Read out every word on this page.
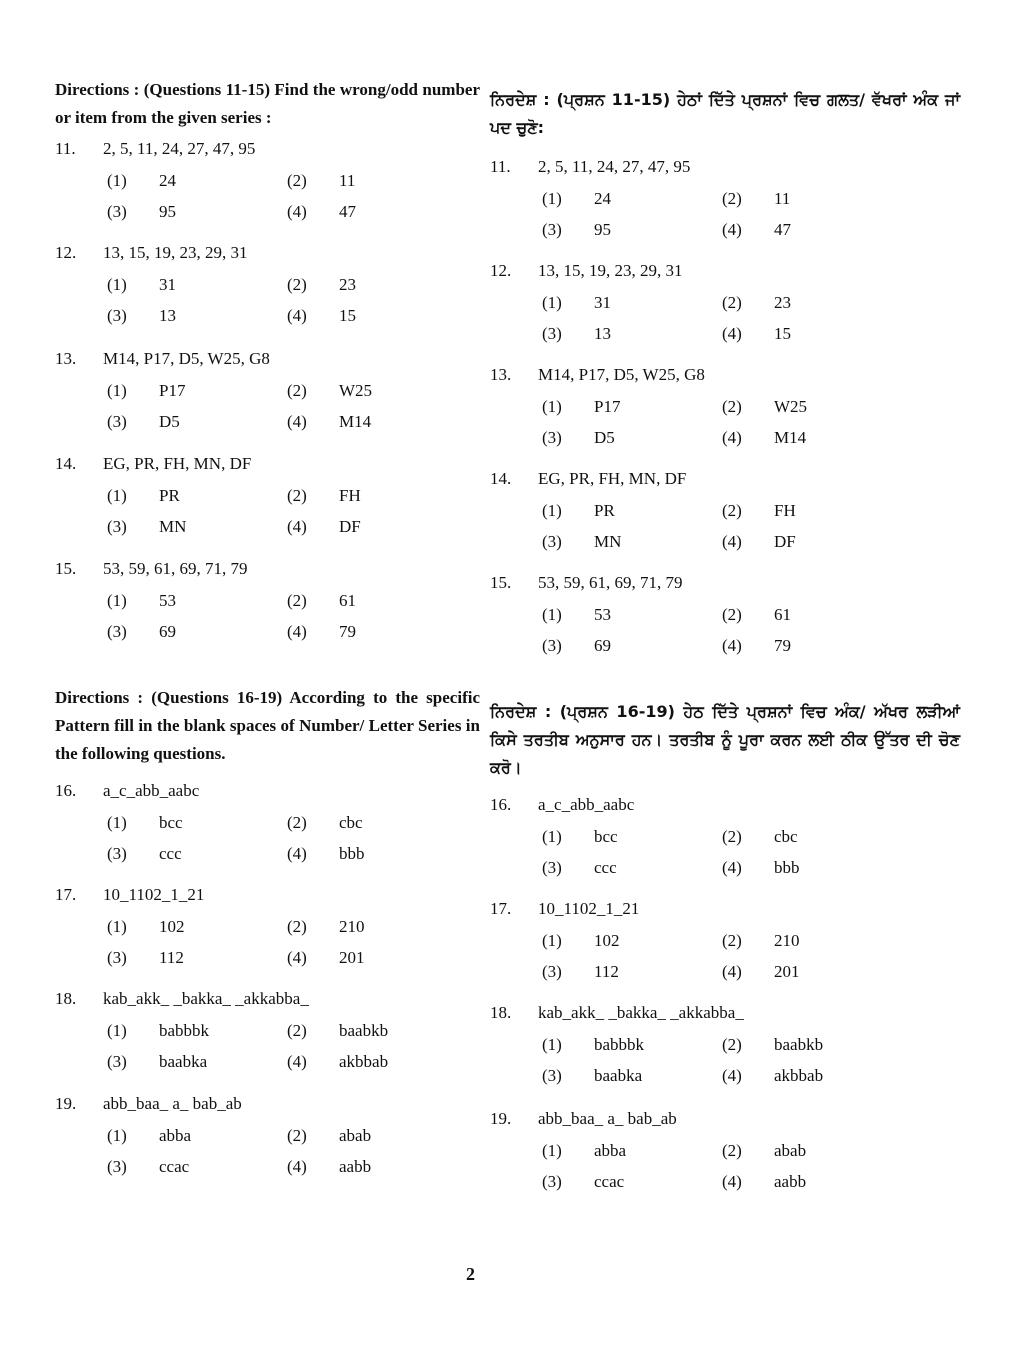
Directions : (Questions 11-15) Find the wrong/odd number or item from the given series :

Directions : (Questions 16-19) According to the specific Pattern fill in the blank spaces of Number/ Letter Series in the following questions.

11.	2, 5, 11, 24, 27, 47, 95
(1)	24	(2)	11
(3)	95	(4)	47
12.	13, 15, 19, 23, 29, 31
(1)	31	(2)	23
(3)	13	(4)	15
13.	M14, P17, D5, W25, G8
(1)	P17	(2)	W25
(3)	D5	(4)	M14
14.	EG, PR, FH, MN, DF
(1)	PR	(2)	FH
(3)	MN	(4)	DF
15.	53, 59, 61, 69, 71, 79
(1)	53	(2)	61
(3)	69	(4)	79
16.	a_c_abb_aabc
(1)	bcc	(2)	cbc
(3)	ccc	(4)	bbb
17.	10_1102_1_21
(1)	102	(2)	210
(3)	112	(4)	201
18.	kab_akk_ _bakka_ _akkabba_
(1)	babbbk	(2)	baabkb
(3)	baabka	(4)	akbbab
19.	abb_baa_ a_ bab_ab
(1)	abba	(2)	abab
(3)	ccac	(4)	aabb

ਨਿਰਦੇਸ਼ : (ਪ੍ਰਸ਼ਨ 11-15) ਹੇਠਾਂ ਦਿੱਤੇ ਪ੍ਰਸ਼ਨਾਂ ਵਿਚ ਗਲਤ/ ਵੱਖਰਾਂ ਅੰਕ ਜਾਂ ਪਦ ਚੁਣੋ:

ਨਿਰਦੇਸ਼ : (ਪ੍ਰਸ਼ਨ 16-19) ਹੇਠ ਦਿੱਤੇ ਪ੍ਰਸ਼ਨਾਂ ਵਿਚ ਅੰਕ/ ਅੱਖਰ ਲੜੀਆਂ ਕਿਸੇ ਤਰਤੀਬ ਅਨੁਸਾਰ ਹਨ। ਤਰਤੀਬ ਨੂੰ ਪੂਰਾ ਕਰਨ ਲਈ ਠੀਕ ਉੱਤਰ ਦੀ ਚੋਣ ਕਰੋ।

11.	2, 5, 11, 24, 27, 47, 95
(1)	24	(2)	11
(3)	95	(4)	47
12.	13, 15, 19, 23, 29, 31
(1)	31	(2)	23
(3)	13	(4)	15
13.	M14, P17, D5, W25, G8
(1)	P17	(2)	W25
(3)	D5	(4)	M14
14.	EG, PR, FH, MN, DF
(1)	PR	(2)	FH
(3)	MN	(4)	DF
15.	53, 59, 61, 69, 71, 79
(1)	53	(2)	61
(3)	69	(4)	79
16.	a_c_abb_aabc
(1)	bcc	(2)	cbc
(3)	ccc	(4)	bbb
17.	10_1102_1_21
(1)	102	(2)	210
(3)	112	(4)	201
18.	kab_akk_ _bakka_ _akkabba_
(1)	babbbk	(2)	baabkb
(3)	baabka	(4)	akbbab
19.	abb_baa_ a_ bab_ab
(1)	abba	(2)	abab
(3)	ccac	(4)	aabb
2
